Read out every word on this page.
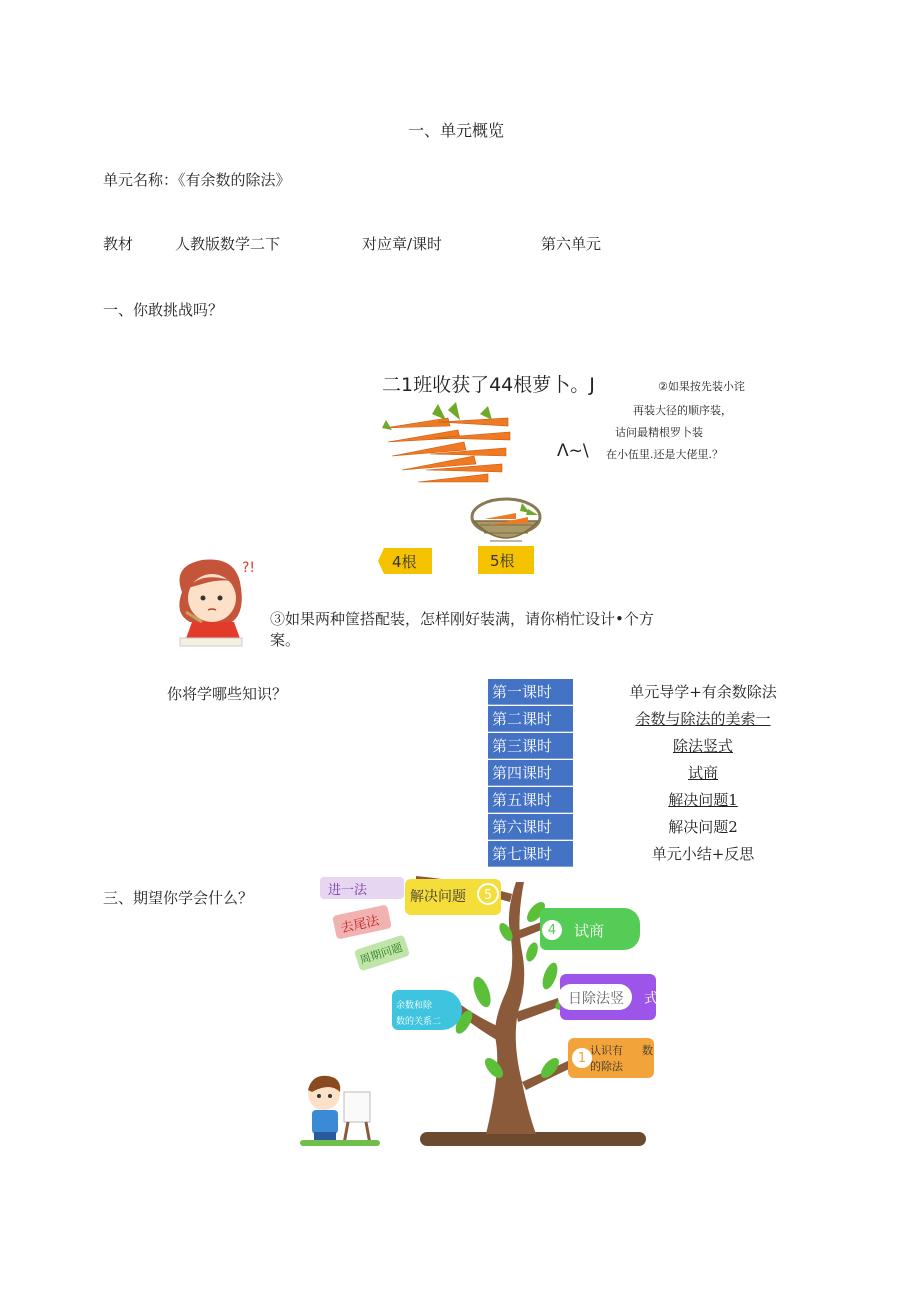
一、单元概览
单元名称：《有余数的除法》
教材	人教版数学二下	对应章/课时	第六单元
一、你敢挑战吗？
二1班收获了44根萝卜。J	②如果按先装小诧
再装大径的顺序装，
诂问最精根罗卜装
在小伍里.还是大佬里.？
Λ~\
4根	5根
?!
③如果两种筐搭配装，怎样刚好装满，请你梢忙设计•个方
案。
你将学哪些知识？	第一课时	单元导学+有余数除法
第二课时	余数与除法的美索一
第三课时	除法竖式
第四课时	试商
第五课时	解决问题1
第六课时	解决问题2
第七课时	单元小结+反思
三、期望你学会什么？	进一法
去尾法
周期问题
解决问题	5
4	试商
日除法竖 式
余数和除
数的关系二
1
认识有 数
的除法
